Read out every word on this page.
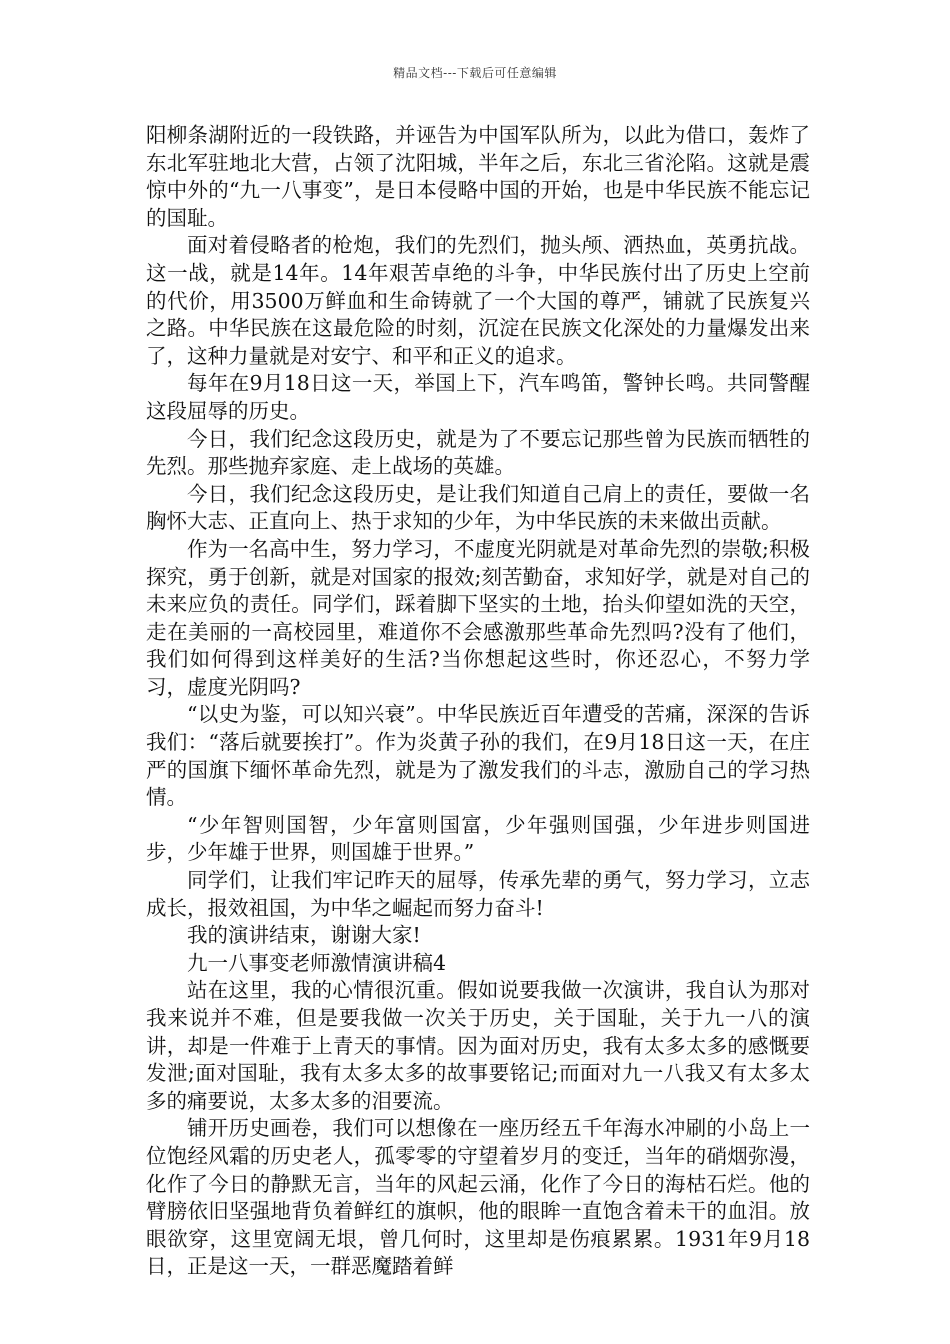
精品文档---下载后可任意编辑

阳柳条湖附近的一段铁路，并诬告为中国军队所为，以此为借口，轰炸了东北军驻地北大营，占领了沈阳城，半年之后，东北三省沦陷。这就是震惊中外的“九一八事变”，是日本侵略中国的开始，也是中华民族不能忘记的国耻。

面对着侵略者的枪炮，我们的先烈们，抛头颅、洒热血，英勇抗战。这一战，就是14年。14年艰苦卓绝的斗争，中华民族付出了历史上空前的代价，用3500万鲜血和生命铸就了一个大国的尊严，铺就了民族复兴之路。中华民族在这最危险的时刻，沉淀在民族文化深处的力量爆发出来了，这种力量就是对安宁、和平和正义的追求。

每年在9月18日这一天，举国上下，汽车鸣笛，警钟长鸣。共同警醒这段屈辱的历史。

今日，我们纪念这段历史，就是为了不要忘记那些曾为民族而牺牲的先烈。那些抛弃家庭、走上战场的英雄。

今日，我们纪念这段历史，是让我们知道自己肩上的责任，要做一名胸怀大志、正直向上、热于求知的少年，为中华民族的未来做出贡献。

作为一名高中生，努力学习，不虚度光阴就是对革命先烈的崇敬;积极探究，勇于创新，就是对国家的报效;刻苦勤奋，求知好学，就是对自己的未来应负的责任。同学们，踩着脚下坚实的土地，抬头仰望如洗的天空，走在美丽的一高校园里，难道你不会感激那些革命先烈吗?没有了他们，我们如何得到这样美好的生活?当你想起这些时，你还忍心，不努力学习，虚度光阴吗?

“以史为鉴，可以知兴衰”。中华民族近百年遭受的苦痛，深深的告诉我们：“落后就要挨打”。作为炎黄子孙的我们，在9月18日这一天，在庄严的国旗下缅怀革命先烈，就是为了激发我们的斗志，激励自己的学习热情。

“少年智则国智，少年富则国富，少年强则国强，少年进步则国进步，少年雄于世界，则国雄于世界。”

同学们，让我们牢记昨天的屈辱，传承先辈的勇气，努力学习，立志成长，报效祖国，为中华之崛起而努力奋斗!

我的演讲结束，谢谢大家!

九一八事变老师激情演讲稿4

站在这里，我的心情很沉重。假如说要我做一次演讲，我自认为那对我来说并不难，但是要我做一次关于历史，关于国耻，关于九一八的演讲，却是一件难于上青天的事情。因为面对历史，我有太多太多的感慨要发泄;面对国耻，我有太多太多的故事要铭记;而面对九一八我又有太多太多的痛要说，太多太多的泪要流。

铺开历史画卷，我们可以想像在一座历经五千年海水冲刷的小岛上一位饱经风霜的历史老人，孤零零的守望着岁月的变迁，当年的硝烟弥漫，化作了今日的静默无言，当年的风起云涌，化作了今日的海枯石烂。他的臂膀依旧坚强地背负着鲜红的旗帜，他的眼眸一直饱含着未干的血泪。放眼欲穿，这里宽阔无垠，曾几何时，这里却是伤痕累累。1931年9月18日，正是这一天，一群恶魔踏着鲜
